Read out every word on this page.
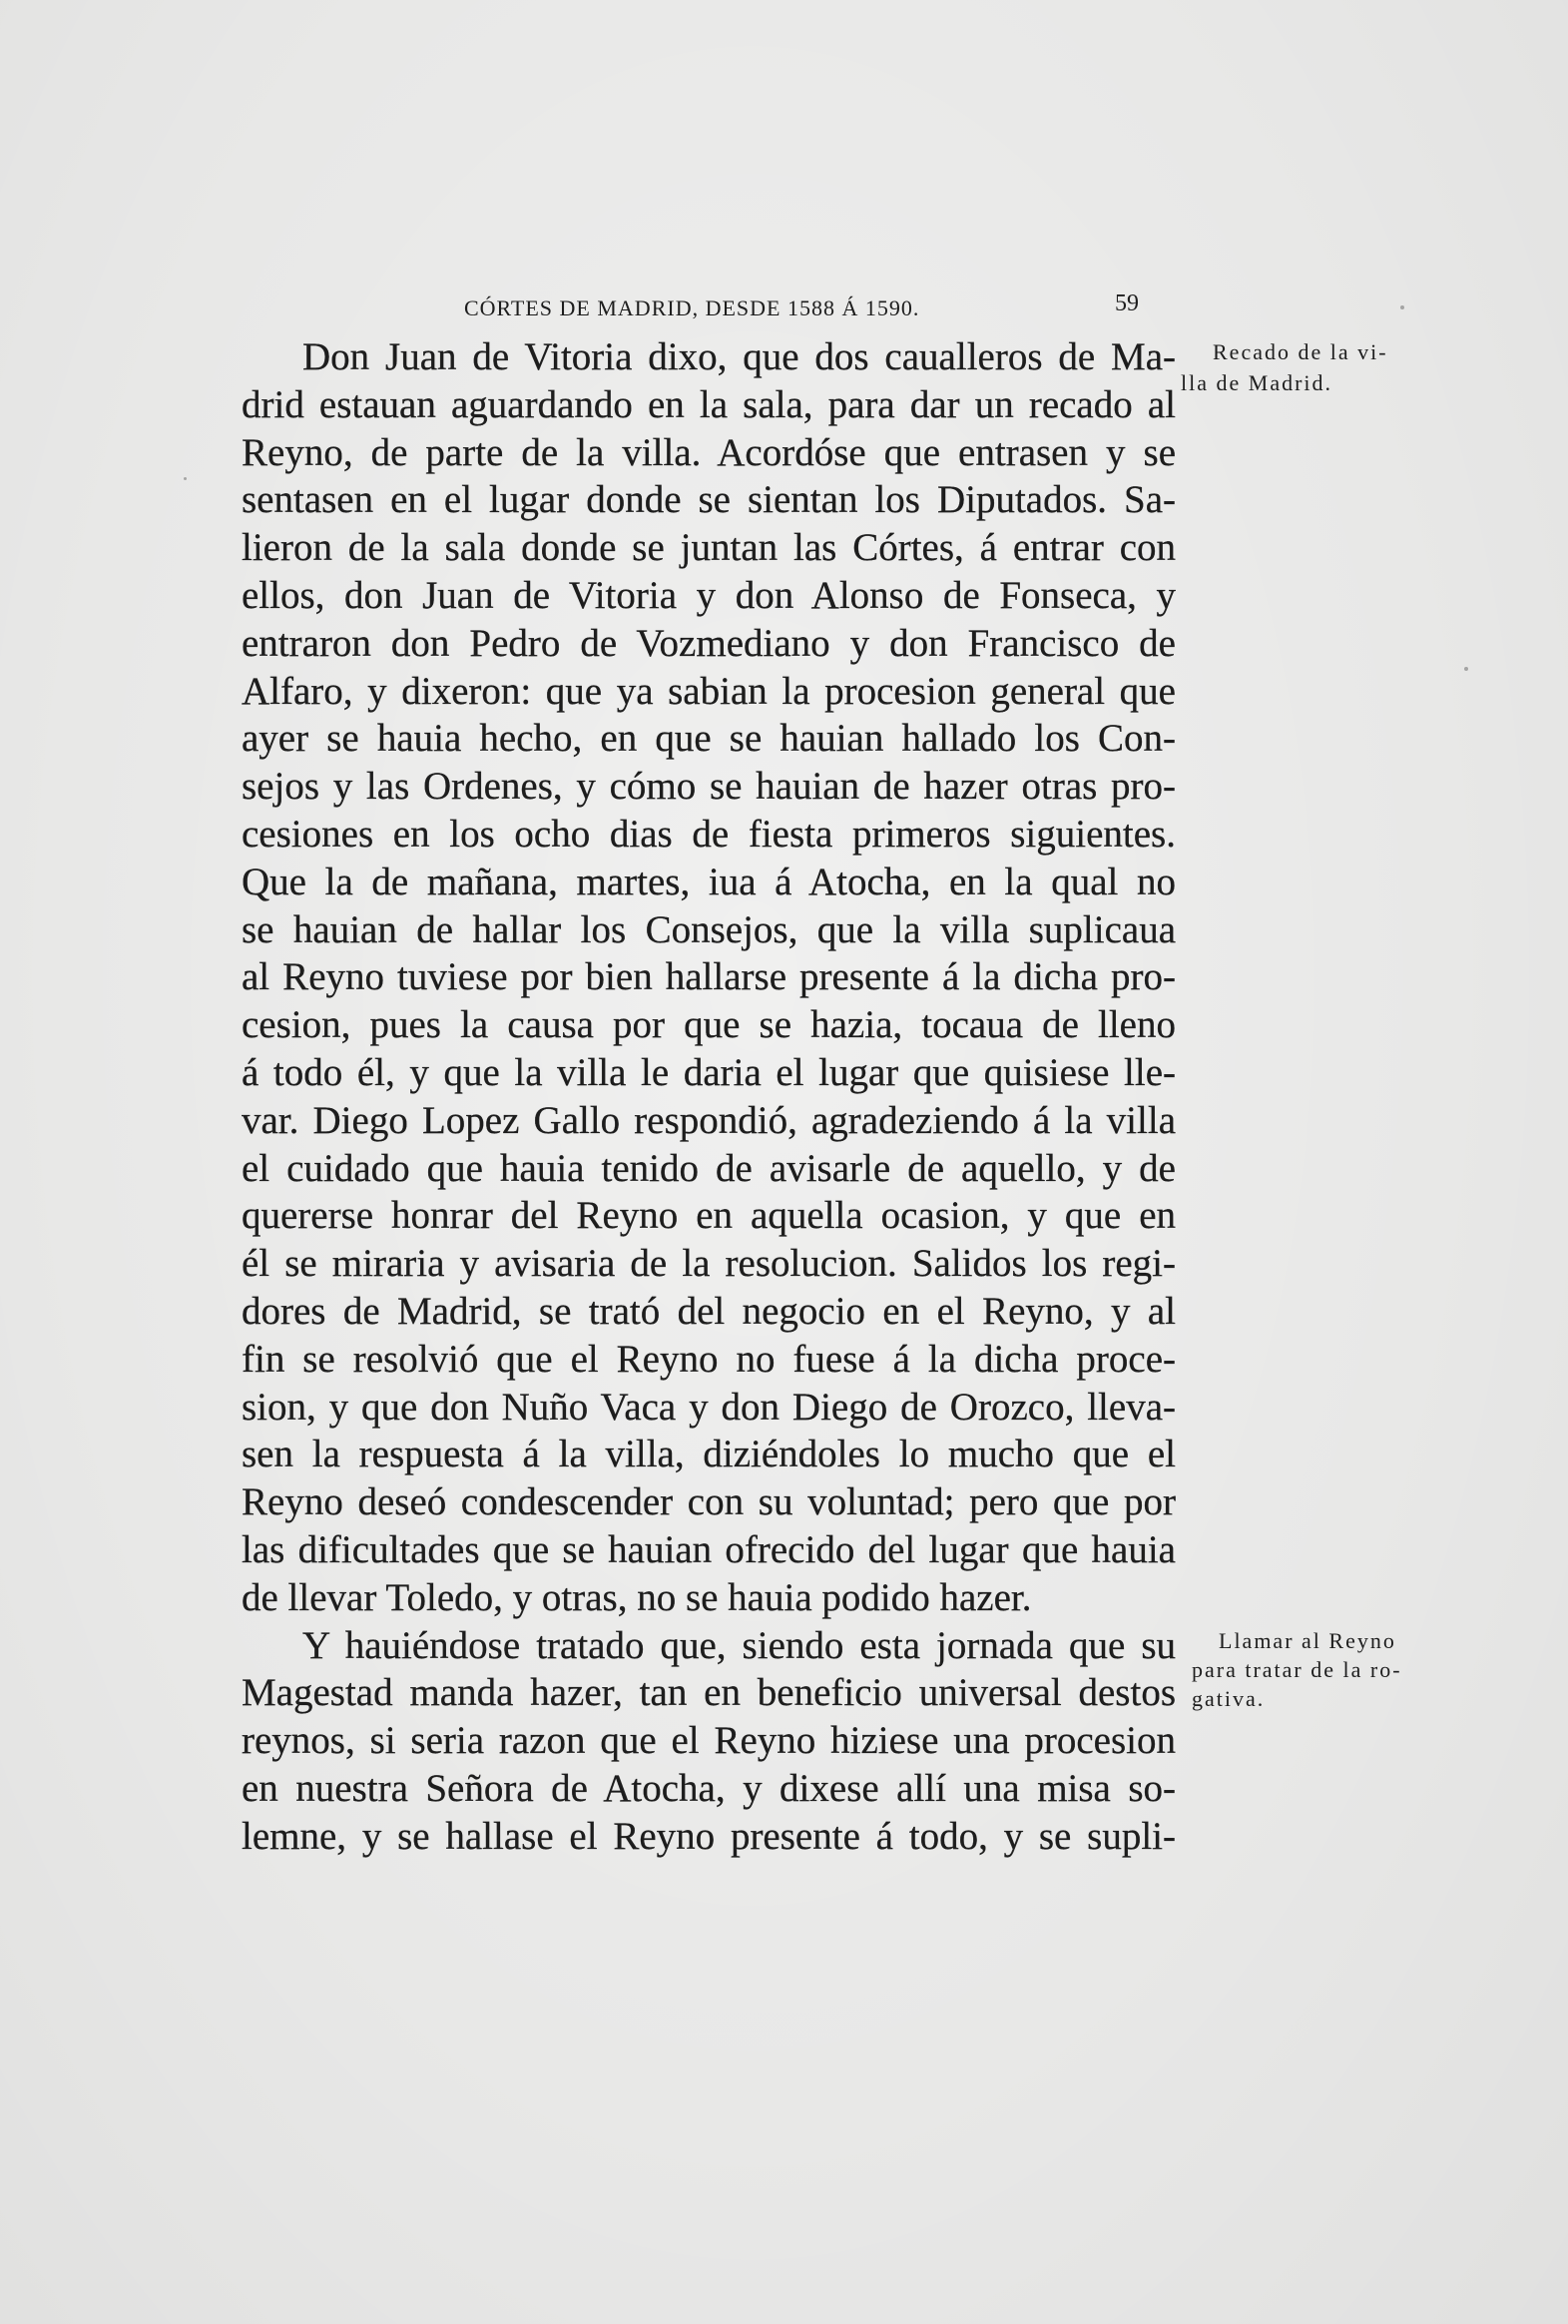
CÓRTES DE MADRID, DESDE 1588 Á 1590.	59
Don Juan de Vitoria dixo, que dos caualleros de Ma-
drid estauan aguardando en la sala, para dar un recado al
Reyno, de parte de la villa. Acordóse que entrasen y se
sentasen en el lugar donde se sientan los Diputados. Sa-
lieron de la sala donde se juntan las Córtes, á entrar con
ellos, don Juan de Vitoria y don Alonso de Fonseca, y
entraron don Pedro de Vozmediano y don Francisco de
Alfaro, y dixeron: que ya sabian la procesion general que
ayer se hauia hecho, en que se hauian hallado los Con-
sejos y las Ordenes, y cómo se hauian de hazer otras pro-
cesiones en los ocho dias de fiesta primeros siguientes.
Que la de mañana, martes, iua á Atocha, en la qual no
se hauian de hallar los Consejos, que la villa suplicaua
al Reyno tuviese por bien hallarse presente á la dicha pro-
cesion, pues la causa por que se hazia, tocaua de lleno
á todo él, y que la villa le daria el lugar que quisiese lle-
var. Diego Lopez Gallo respondió, agradeziendo á la villa
el cuidado que hauia tenido de avisarle de aquello, y de
quererse honrar del Reyno en aquella ocasion, y que en
él se miraria y avisaria de la resolucion. Salidos los regi-
dores de Madrid, se trató del negocio en el Reyno, y al
fin se resolvió que el Reyno no fuese á la dicha proce-
sion, y que don Nuño Vaca y don Diego de Orozco, lleva-
sen la respuesta á la villa, diziéndoles lo mucho que el
Reyno deseó condescender con su voluntad; pero que por
las dificultades que se hauian ofrecido del lugar que hauia
de llevar Toledo, y otras, no se hauia podido hazer.
Y hauiéndose tratado que, siendo esta jornada que su
Magestad manda hazer, tan en beneficio universal destos
reynos, si seria razon que el Reyno hiziese una procesion
en nuestra Señora de Atocha, y dixese allí una misa so-
lemne, y se hallase el Reyno presente á todo, y se supli-
Recado de la vi-
lla de Madrid.
Llamar al Reyno
para tratar de la ro-
gativa.
